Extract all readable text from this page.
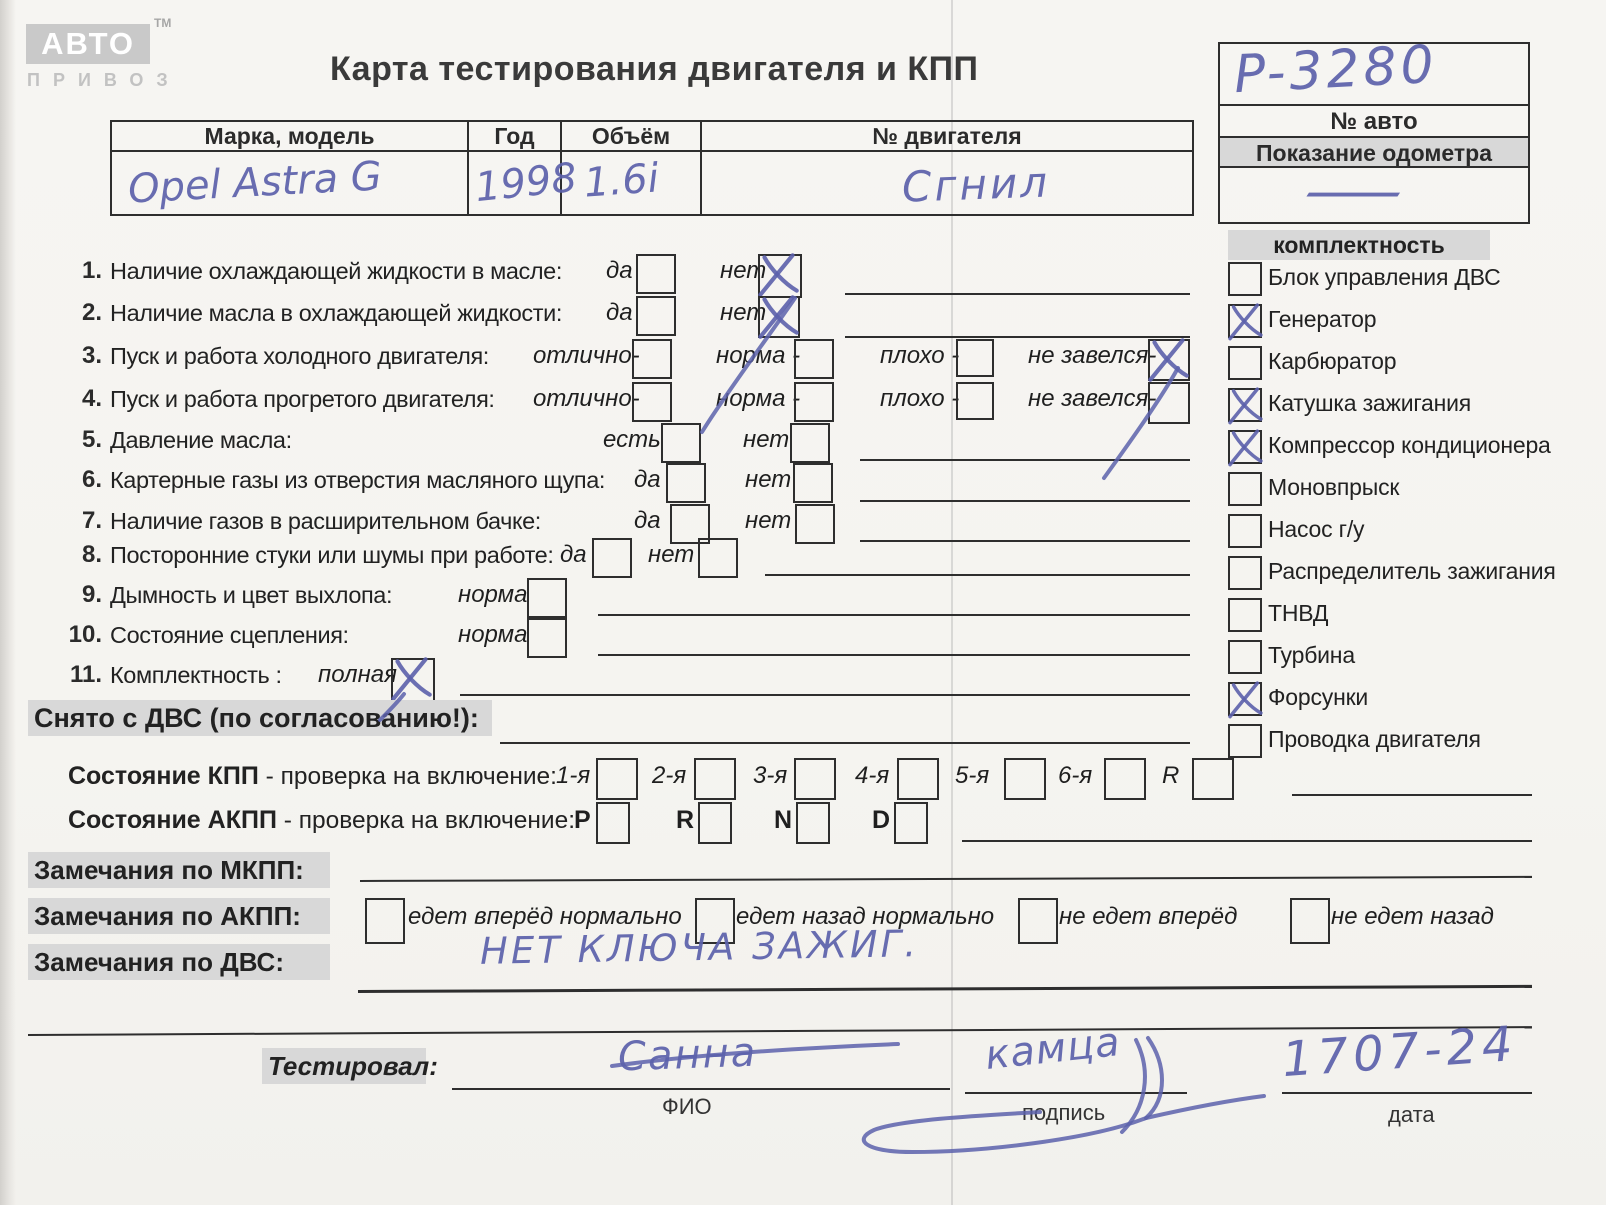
АВТО
TM
ПРИВОЗ	Карта тестирования двигателя и КПП
Марка, модель	Год	Объём	№ двигателя
Opel Astra G 1998 1.6i	Сгнил
P-3280
№ авто
Показание одометра
—
1. Наличие охлаждающей жидкости в масле: да	нет
2. Наличие масла в охлаждающей жидкости: да	нет
3. Пуск и работа холодного двигателя: отлично-	норма -	плохо -	не завелся-
4. Пуск и работа прогретого двигателя: отлично-	норма -	плохо -	не завелся-
5. Давление масла:	есть	нет
6. Картерные газы из отверстия масляного щупа: да	нет
7. Наличие газов в расширительном бачке:	да	нет
8. Посторонние стуки или шумы при работе: да	нет
9. Дымность и цвет выхлопа:	норма
10. Состояние сцепления:	норма
11. Комплектность : полная
Снято с ДВС (по согласованию!):
Состояние КПП - проверка на включение: 1-я	2-я	3-я	4-я	5-я	6-я	R
Состояние АКПП - проверка на включение:
P	R	N	D
Замечания по МКПП:
Замечания по АКПП:	едет вперёд нормально едет назад нормально	не едет вперёд	не едет назад
Замечания по ДВС:	НЕТ КЛЮЧА ЗАЖИГ.
комплектность
Блок управления ДВС
Генератор
Карбюратор
Катушка зажигания
Компрессор кондиционера
Моновпрыск
Насос г/у
Распределитель зажигания
ТНВД
Турбина
Форсунки
Проводка двигателя
Тестировал:	Санна
ФИО
камца
подпись
1707-24
дата
